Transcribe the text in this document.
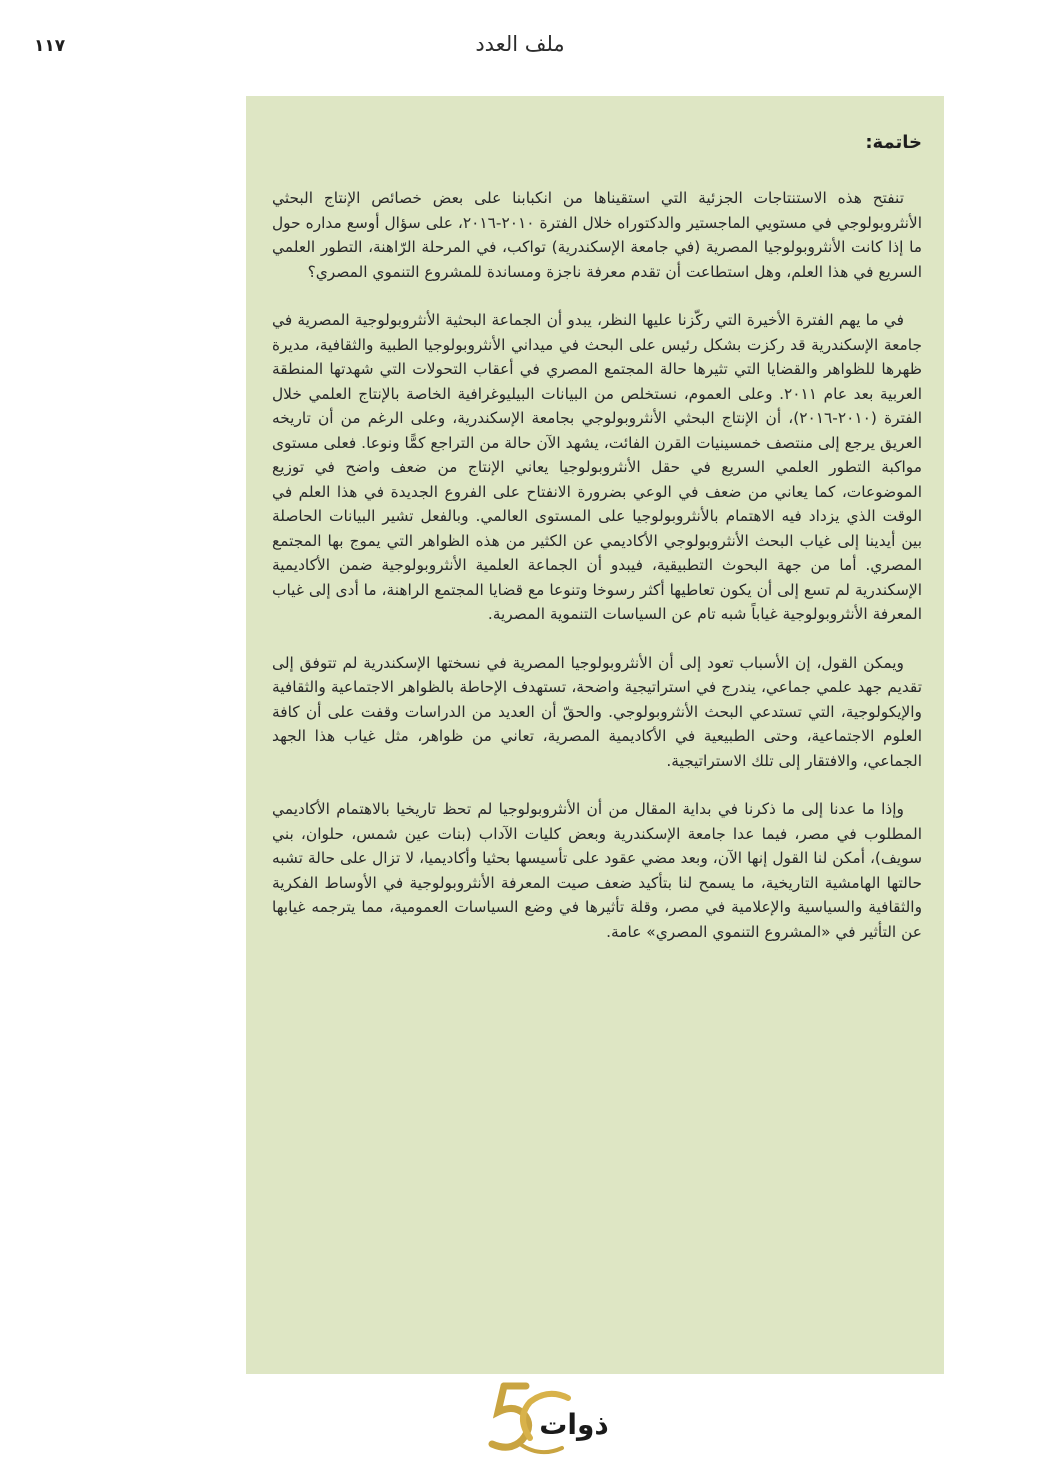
١١٧	ملف العدد
خاتمة:

تنفتح هذه الاستنتاجات الجزئية التي استقيناها من انكبابنا على بعض خصائص الإنتاج البحثي الأنثروبولوجي في مستويي الماجستير والدكتوراه خلال الفترة ٢٠١٠-٢٠١٦، على سؤال أوسع مداره حول ما إذا كانت الأنثروبولوجيا المصرية (في جامعة الإسكندرية) تواكب، في المرحلة الرّاهنة، التطور العلمي السريع في هذا العلم، وهل استطاعت أن تقدم معرفة ناجزة ومساندة للمشروع التنموي المصري؟

في ما يهم الفترة الأخيرة التي ركّزنا عليها النظر، يبدو أن الجماعة البحثية الأنثروبولوجية المصرية في جامعة الإسكندرية قد ركزت بشكل رئيس على البحث في ميداني الأنثروبولوجيا الطبية والثقافية، مديرة ظهرها للظواهر والقضايا التي تثيرها حالة المجتمع المصري في أعقاب التحولات التي شهدتها المنطقة العربية بعد عام ٢٠١١. وعلى العموم، نستخلص من البيانات البيليوغرافية الخاصة بالإنتاج العلمي خلال الفترة (٢٠١٠-٢٠١٦)، أن الإنتاج البحثي الأنثروبولوجي بجامعة الإسكندرية، وعلى الرغم من أن تاريخه العريق يرجع إلى منتصف خمسينيات القرن الفائت، يشهد الآن حالة من التراجع كمًّا ونوعا. فعلى مستوى مواكبة التطور العلمي السريع في حقل الأنثروبولوجيا يعاني الإنتاج من ضعف واضح في توزيع الموضوعات، كما يعاني من ضعف في الوعي بضرورة الانفتاح على الفروع الجديدة في هذا العلم في الوقت الذي يزداد فيه الاهتمام بالأنثروبولوجيا على المستوى العالمي. وبالفعل تشير البيانات الحاصلة بين أيدينا إلى غياب البحث الأنثروبولوجي الأكاديمي عن الكثير من هذه الظواهر التي يموج بها المجتمع المصري. أما من جهة البحوث التطبيقية، فيبدو أن الجماعة العلمية الأنثروبولوجية ضمن الأكاديمية الإسكندرية لم تسع إلى أن يكون تعاطيها أكثر رسوخا وتنوعا مع قضايا المجتمع الراهنة، ما أدى إلى غياب المعرفة الأنثروبولوجية غياباً شبه تام عن السياسات التنموية المصرية.

ويمكن القول، إن الأسباب تعود إلى أن الأنثروبولوجيا المصرية في نسختها الإسكندرية لم تتوفق إلى تقديم جهد علمي جماعي، يندرج في استراتيجية واضحة، تستهدف الإحاطة بالظواهر الاجتماعية والثقافية والإيكولوجية، التي تستدعي البحث الأنثروبولوجي. والحقّ أن العديد من الدراسات وقفت على أن كافة العلوم الاجتماعية، وحتى الطبيعية في الأكاديمية المصرية، تعاني من ظواهر، مثل غياب هذا الجهد الجماعي، والافتقار إلى تلك الاستراتيجية.

وإذا ما عدنا إلى ما ذكرنا في بداية المقال من أن الأنثروبولوجيا لم تحظ تاريخيا بالاهتمام الأكاديمي المطلوب في مصر، فيما عدا جامعة الإسكندرية وبعض كليات الآداب (بنات عين شمس، حلوان، بني سويف)، أمكن لنا القول إنها الآن، وبعد مضي عقود على تأسيسها بحثيا وأكاديميا، لا تزال على حالة تشبه حالتها الهامشية التاريخية، ما يسمح لنا بتأكيد ضعف صيت المعرفة الأنثروبولوجية في الأوساط الفكرية والثقافية والسياسية والإعلامية في مصر، وقلة تأثيرها في وضع السياسات العمومية، مما يترجمه غيابها عن التأثير في «المشروع التنموي المصري» عامة.

ذوات
